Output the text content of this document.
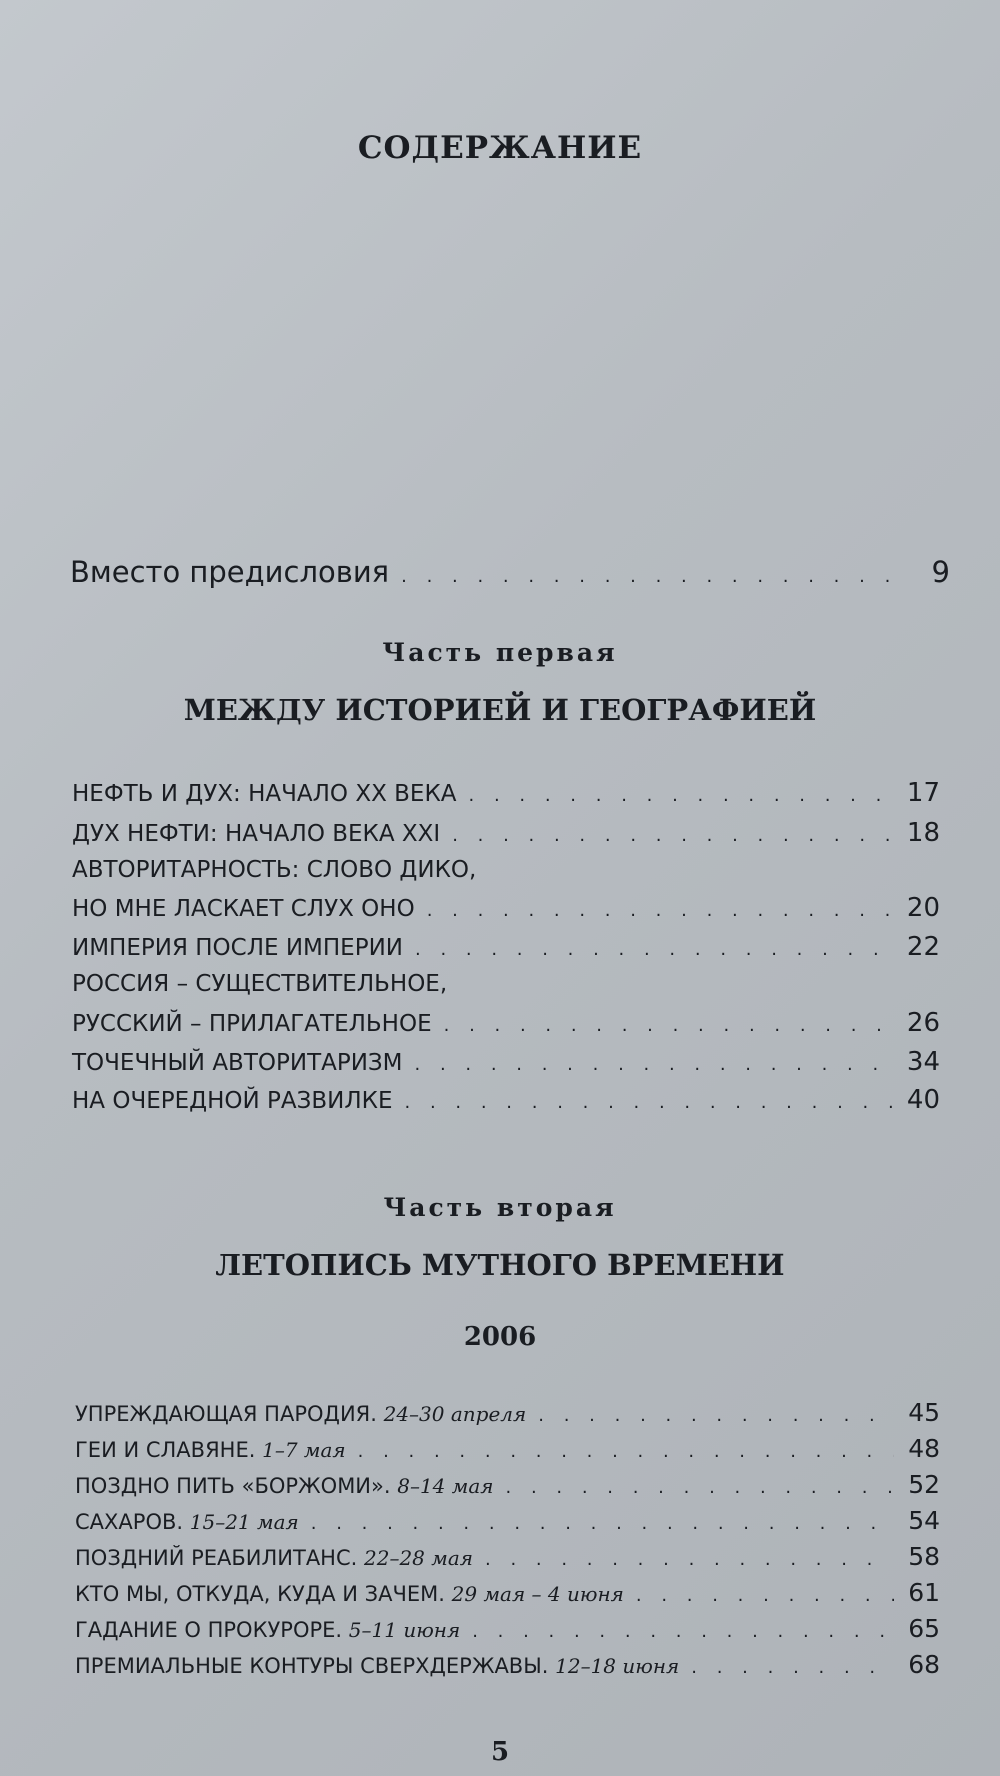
СОДЕРЖАНИЕ
Вместо предисловия . . .	9
Часть первая
МЕЖДУ ИСТОРИЕЙ И ГЕОГРАФИЕЙ
НЕФТЬ И ДУХ: НАЧАЛО XX ВЕКА . . .	17
ДУХ НЕФТИ: НАЧАЛО ВЕКА XXI . . .	18
АВТОРИТАРНОСТЬ: СЛОВО ДИКО,
НО МНЕ ЛАСКАЕТ СЛУХ ОНО . . .	20
ИМПЕРИЯ ПОСЛЕ ИМПЕРИИ . . .	22
РОССИЯ – СУЩЕСТВИТЕЛЬНОЕ,
РУССКИЙ – ПРИЛАГАТЕЛЬНОЕ . . .	26
ТОЧЕЧНЫЙ АВТОРИТАРИЗМ . . .	34
НА ОЧЕРЕДНОЙ РАЗВИЛКЕ . . .	40
Часть вторая
ЛЕТОПИСЬ МУТНОГО ВРЕМЕНИ
2006
УПРЕЖДАЮЩАЯ ПАРОДИЯ. 24–30 апреля . . .	45
ГЕИ И СЛАВЯНЕ. 1–7 мая . . .	48
ПОЗДНО ПИТЬ «БОРЖОМИ». 8–14 мая . . .	52
САХАРОВ. 15–21 мая . . .	54
ПОЗДНИЙ РЕАБИЛИТАНС. 22–28 мая . . .	58
КТО МЫ, ОТКУДА, КУДА И ЗАЧЕМ. 29 мая – 4 июня . . .	61
ГАДАНИЕ О ПРОКУРОРЕ. 5–11 июня . . .	65
ПРЕМИАЛЬНЫЕ КОНТУРЫ СВЕРХДЕРЖАВЫ. 12–18 июня . . .	68
5
